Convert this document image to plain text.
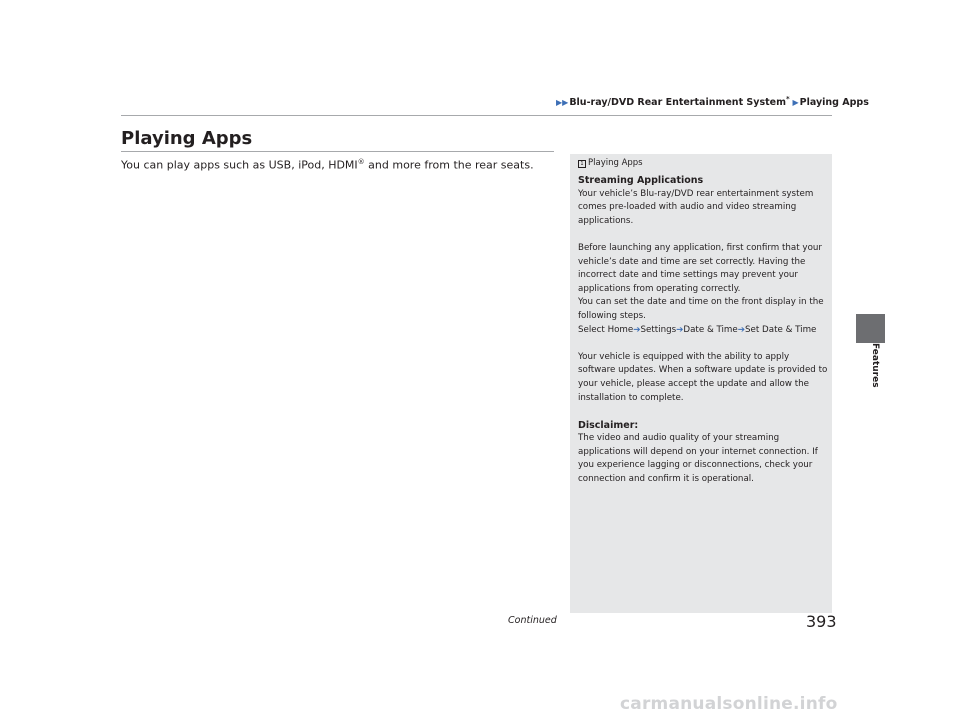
▶▶Blu-ray/DVD Rear Entertainment System* ▶Playing Apps
Playing Apps

You can play apps such as USB, iPod, HDMI® and more from the rear seats.	1 Playing Apps
Streaming Applications

Your vehicle’s Blu-ray/DVD rear entertainment system comes pre-loaded with audio and video streaming applications.

Before launching any application, first confirm that your vehicle’s date and time are set correctly. Having the incorrect date and time settings may prevent your applications from operating correctly.
You can set the date and time on the front display in the following steps.

Select Home➔Settings➔Date & Time➔Set Date & Time

Your vehicle is equipped with the ability to apply software updates. When a software update is provided to your vehicle, please accept the update and allow the installation to complete.

Disclaimer:

The video and audio quality of your streaming applications will depend on your internet connection. If you experience lagging or disconnections, check your connection and confirm it is operational.

Features
Continued	393
carmanualsonline.info
